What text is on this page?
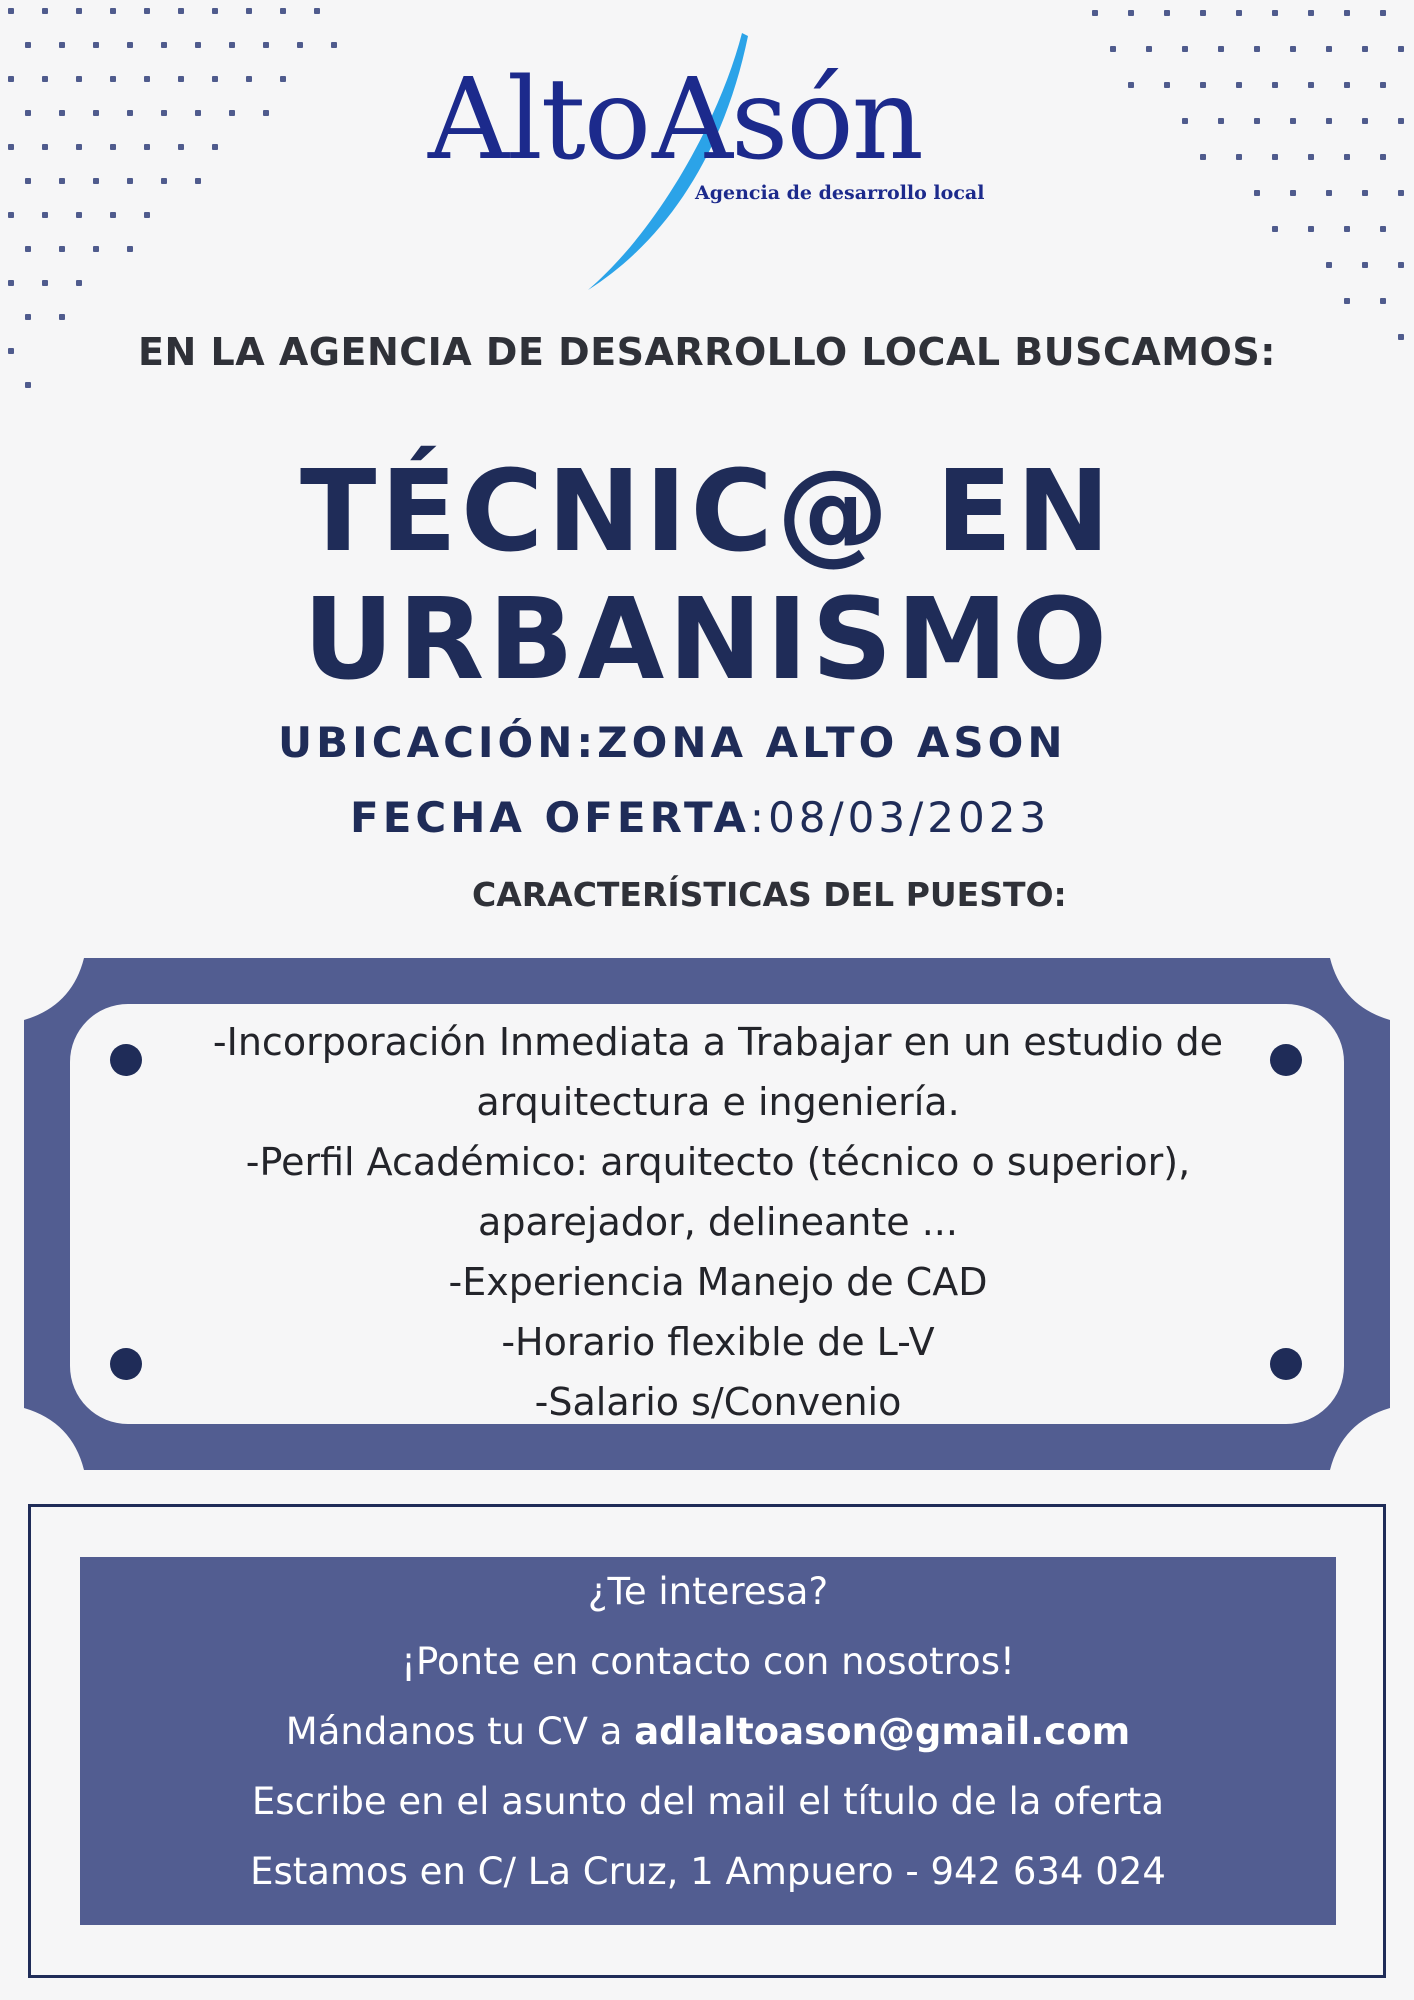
Alto Asón
Agencia de desarrollo local
EN LA AGENCIA DE DESARROLLO LOCAL BUSCAMOS:
TÉCNIC@ EN
URBANISMO
UBICACIÓN:ZONA ALTO ASON
FECHA OFERTA:08/03/2023
CARACTERÍSTICAS DEL PUESTO:
-Incorporación Inmediata a Trabajar en un estudio de
arquitectura e ingeniería.
-Perfil Académico: arquitecto (técnico o superior),
aparejador, delineante ...
-Experiencia Manejo de CAD
-Horario flexible de L-V
-Salario s/Convenio
¿Te interesa?
¡Ponte en contacto con nosotros!
Mándanos tu CV a adlaltoason@gmail.com
Escribe en el asunto del mail el título de la oferta
Estamos en C/ La Cruz, 1 Ampuero - 942 634 024
